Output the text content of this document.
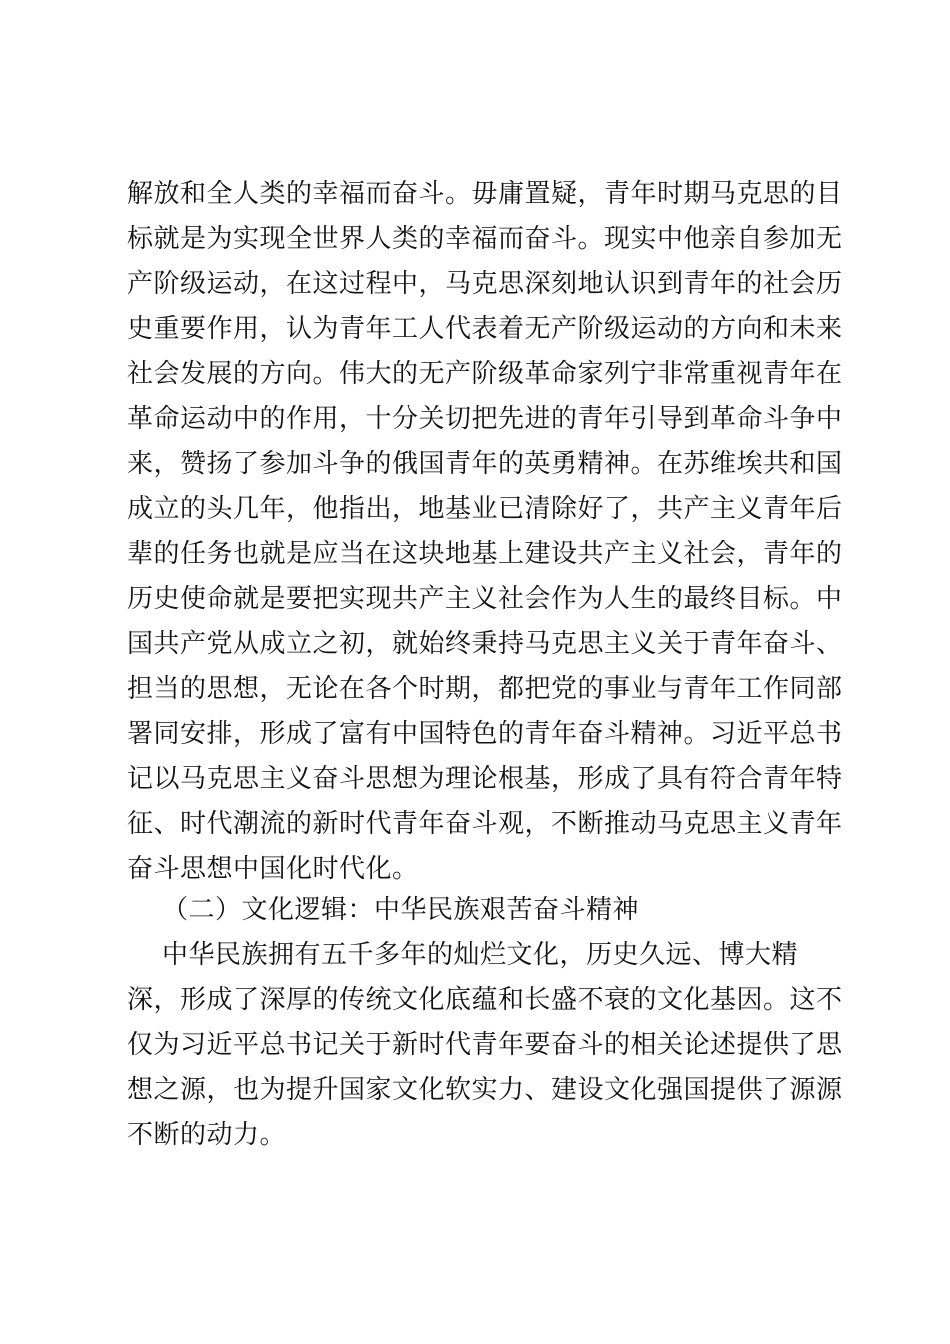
解放和全人类的幸福而奋斗。毋庸置疑，青年时期马克思的目
标就是为实现全世界人类的幸福而奋斗。现实中他亲自参加无
产阶级运动，在这过程中，马克思深刻地认识到青年的社会历
史重要作用，认为青年工人代表着无产阶级运动的方向和未来
社会发展的方向。伟大的无产阶级革命家列宁非常重视青年在
革命运动中的作用，十分关切把先进的青年引导到革命斗争中
来，赞扬了参加斗争的俄国青年的英勇精神。在苏维埃共和国
成立的头几年，他指出，地基业已清除好了，共产主义青年后
辈的任务也就是应当在这块地基上建设共产主义社会，青年的
历史使命就是要把实现共产主义社会作为人生的最终目标。中
国共产党从成立之初，就始终秉持马克思主义关于青年奋斗、
担当的思想，无论在各个时期，都把党的事业与青年工作同部
署同安排，形成了富有中国特色的青年奋斗精神。习近平总书
记以马克思主义奋斗思想为理论根基，形成了具有符合青年特
征、时代潮流的新时代青年奋斗观，不断推动马克思主义青年
奋斗思想中国化时代化。
（二）文化逻辑：中华民族艰苦奋斗精神
中华民族拥有五千多年的灿烂文化，历史久远、博大精
深，形成了深厚的传统文化底蕴和长盛不衰的文化基因。这不
仅为习近平总书记关于新时代青年要奋斗的相关论述提供了思
想之源，也为提升国家文化软实力、建设文化强国提供了源源
不断的动力。
